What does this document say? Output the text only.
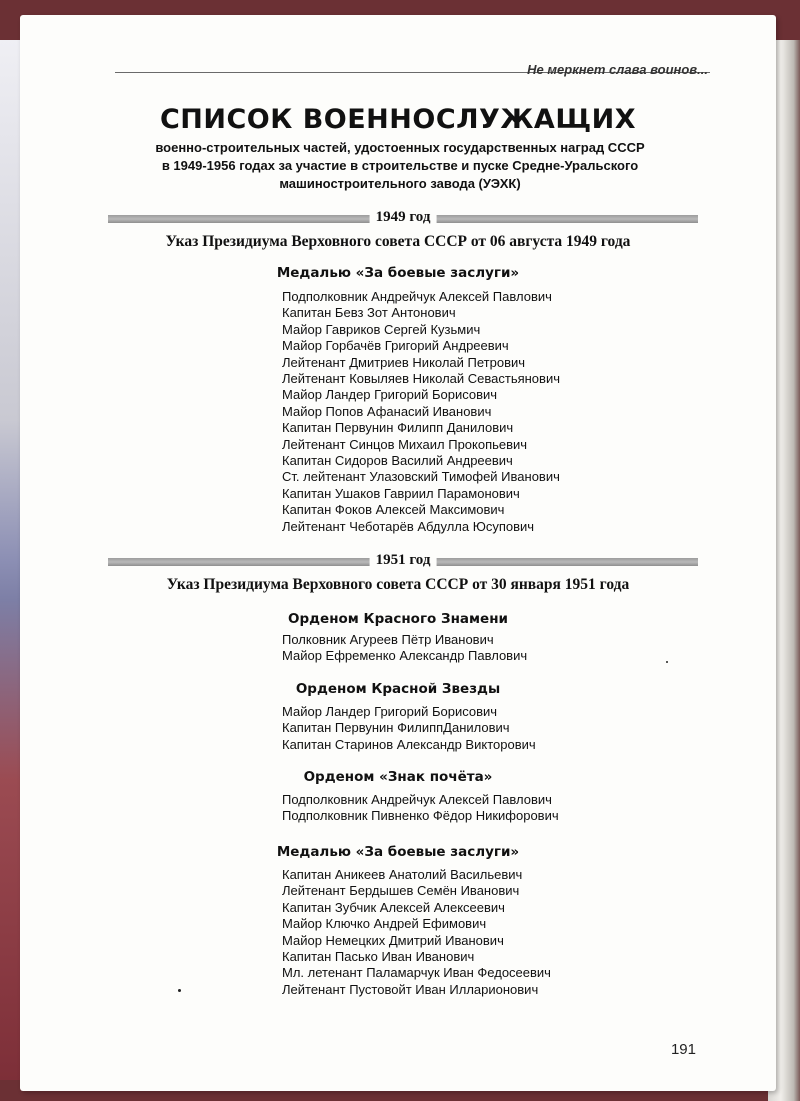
Не меркнет слава воинов...
СПИСОК ВОЕННОСЛУЖАЩИХ
военно-строительных частей, удостоенных государственных наград СССР
в 1949-1956 годах за участие в строительстве и пуске Средне-Уральского
машиностроительного завода (УЭХК)
1949 год
Указ Президиума Верховного совета СССР от 06 августа 1949 года
Медалью «За боевые заслуги»
Подполковник Андрейчук Алексей Павлович
Капитан Бевз Зот Антонович
Майор Гавриков Сергей Кузьмич
Майор Горбачёв Григорий Андреевич
Лейтенант Дмитриев Николай Петрович
Лейтенант Ковыляев Николай Севастьянович
Майор Ландер Григорий Борисович
Майор Попов Афанасий Иванович
Капитан Первунин Филипп Данилович
Лейтенант Синцов Михаил Прокопьевич
Капитан Сидоров Василий Андреевич
Ст. лейтенант Улазовский Тимофей Иванович
Капитан Ушаков Гавриил Парамонович
Капитан Фоков Алексей Максимович
Лейтенант Чеботарёв Абдулла Юсупович
1951 год
Указ Президиума Верховного совета СССР от 30 января 1951 года
Орденом Красного Знамени
Полковник Агуреев Пётр Иванович
Майор Ефременко Александр Павлович
Орденом Красной Звезды
Майор Ландер Григорий Борисович
Капитан Первунин ФилиппДанилович
Капитан Старинов Александр Викторович
Орденом «Знак почёта»
Подполковник Андрейчук Алексей Павлович
Подполковник Пивненко Фёдор Никифорович
Медалью «За боевые заслуги»
Капитан Аникеев Анатолий Васильевич
Лейтенант Бердышев Семён Иванович
Капитан Зубчик Алексей Алексеевич
Майор Ключко Андрей Ефимович
Майор Немецких Дмитрий Иванович
Капитан Пасько Иван Иванович
Мл. летенант Паламарчук Иван Федосеевич
Лейтенант Пустовойт Иван Илларионович
191
